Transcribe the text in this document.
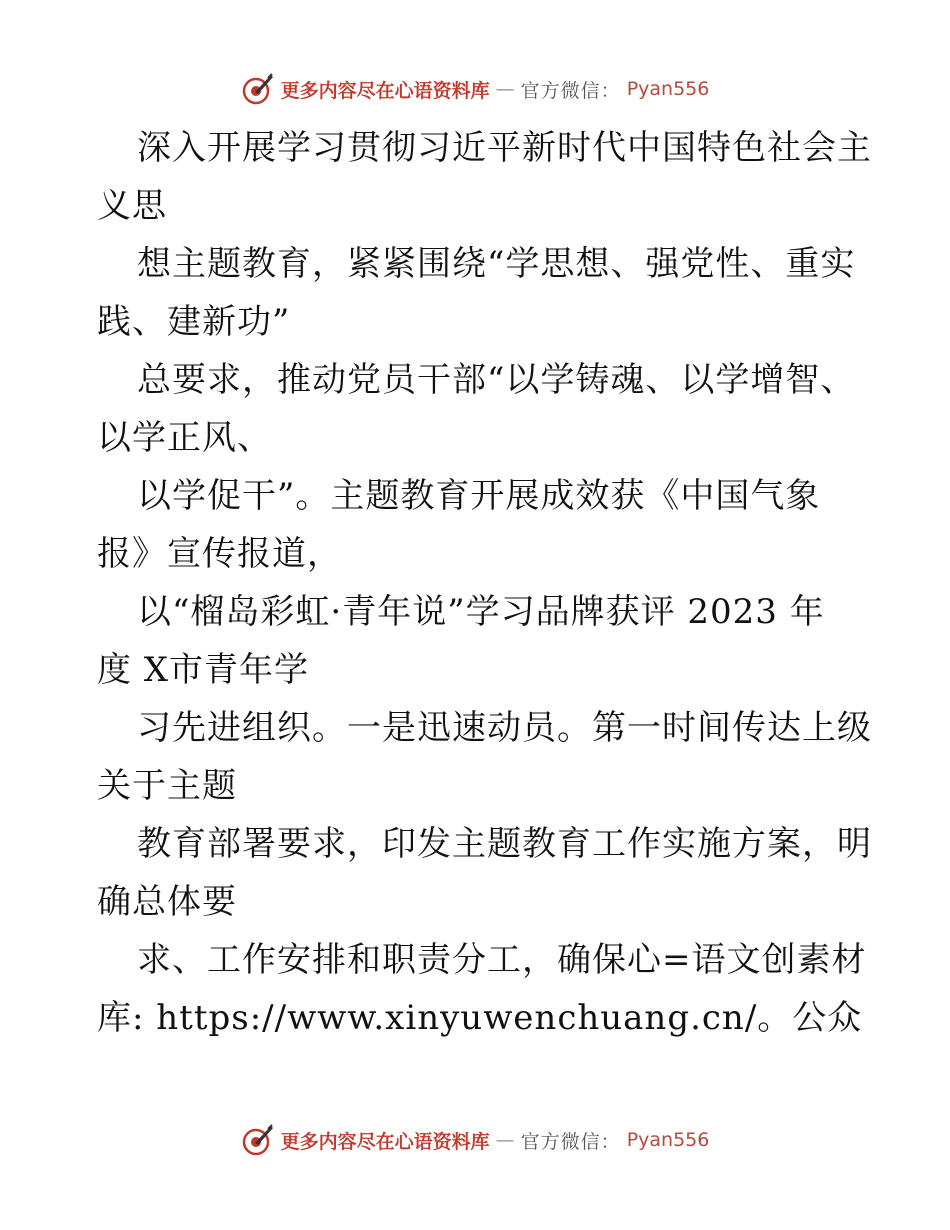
更多内容尽在心语资料库 — 官方微信： Pyan556
深入开展学习贯彻习近平新时代中国特色社会主
义思
想主题教育，紧紧围绕“学思想、强党性、重实
践、建新功”
总要求，推动党员干部“以学铸魂、以学增智、
以学正风、
以学促干”。主题教育开展成效获《中国气象
报》宣传报道，
以“榴岛彩虹·青年说”学习品牌获评 2023 年
度 X市青年学
习先进组织。一是迅速动员。第一时间传达上级
关于主题
教育部署要求，印发主题教育工作实施方案，明
确总体要
求、工作安排和职责分工，确保心=语文创素材
库: https://www.xinyuwenchuang.cn/。公众
更多内容尽在心语资料库 — 官方微信： Pyan556
